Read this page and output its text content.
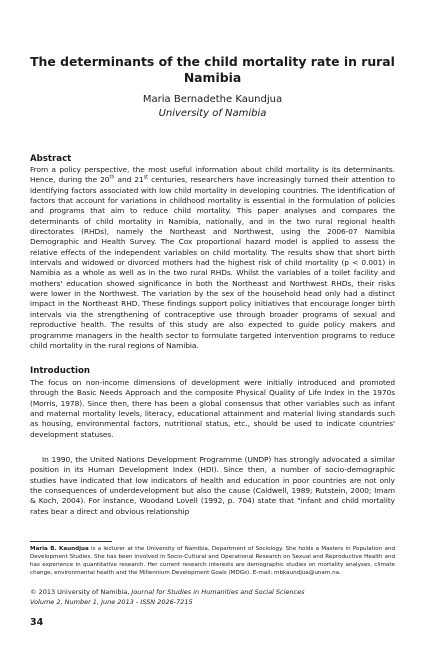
The determinants of the child mortality rate in rural Namibia
Maria Bernadethe Kaundjua
University of Namibia
Abstract
From a policy perspective, the most useful information about child mortality is its determinants. Hence, during the 20th and 21st centuries, researchers have increasingly turned their attention to identifying factors associated with low child mortality in developing countries. The identification of factors that account for variations in childhood mortality is essential in the formulation of policies and programs that aim to reduce child mortality. This paper analyses and compares the determinants of child mortality in Namibia, nationally, and in the two rural regional health directorates (RHDs), namely the Northeast and Northwest, using the 2006-07 Namibia Demographic and Health Survey. The Cox proportional hazard model is applied to assess the relative effects of the independent variables on child mortality. The results show that short birth intervals and widowed or divorced mothers had the highest risk of child mortality (p < 0.001) in Namibia as a whole as well as in the two rural RHDs. Whilst the variables of a toilet facility and mothers' education showed significance in both the Northeast and Northwest RHDs, their risks were lower in the Northwest. The variation by the sex of the household head only had a distinct impact in the Northeast RHD. These findings support policy initiatives that encourage longer birth intervals via the strengthening of contraceptive use through broader programs of sexual and reproductive health. The results of this study are also expected to guide policy makers and programme managers in the health sector to formulate targeted intervention programs to reduce child mortality in the rural regions of Namibia.
Introduction
The focus on non-income dimensions of development were initially introduced and promoted through the Basic Needs Approach and the composite Physical Quality of Life Index in the 1970s (Morris, 1978). Since then, there has been a global consensus that other variables such as infant and maternal mortality levels, literacy, educational attainment and material living standards such as housing, environmental factors, nutritional status, etc., should be used to indicate countries' development statuses.
In 1990, the United Nations Development Programme (UNDP) has strongly advocated a similar position in its Human Development Index (HDI). Since then, a number of socio-demographic studies have indicated that low indicators of health and education in poor countries are not only the consequences of underdevelopment but also the cause (Caldwell, 1989; Rutstein, 2000; Imam & Koch, 2004). For instance, Woodand Lovell (1992, p. 704) state that "infant and child mortality rates bear a direct and obvious relationship
Maria B. Kaundjua is a lecturer at the University of Namibia, Department of Sociology. She holds a Masters in Population and Development Studies. She has been involved in Socio-Cultural and Operational Research on Sexual and Reproductive Health and has experience in quantitative research. Her current research interests are demographic studies on mortality analyses, climate change, environmental health and the Millennium Development Goals (MDGs). E-mail: mbkaundjua@unam.na.
© 2013 University of Namibia, Journal for Studies in Humanities and Social Sciences
Volume 2, Number 1, June 2013 - ISSN 2026-7215
34
